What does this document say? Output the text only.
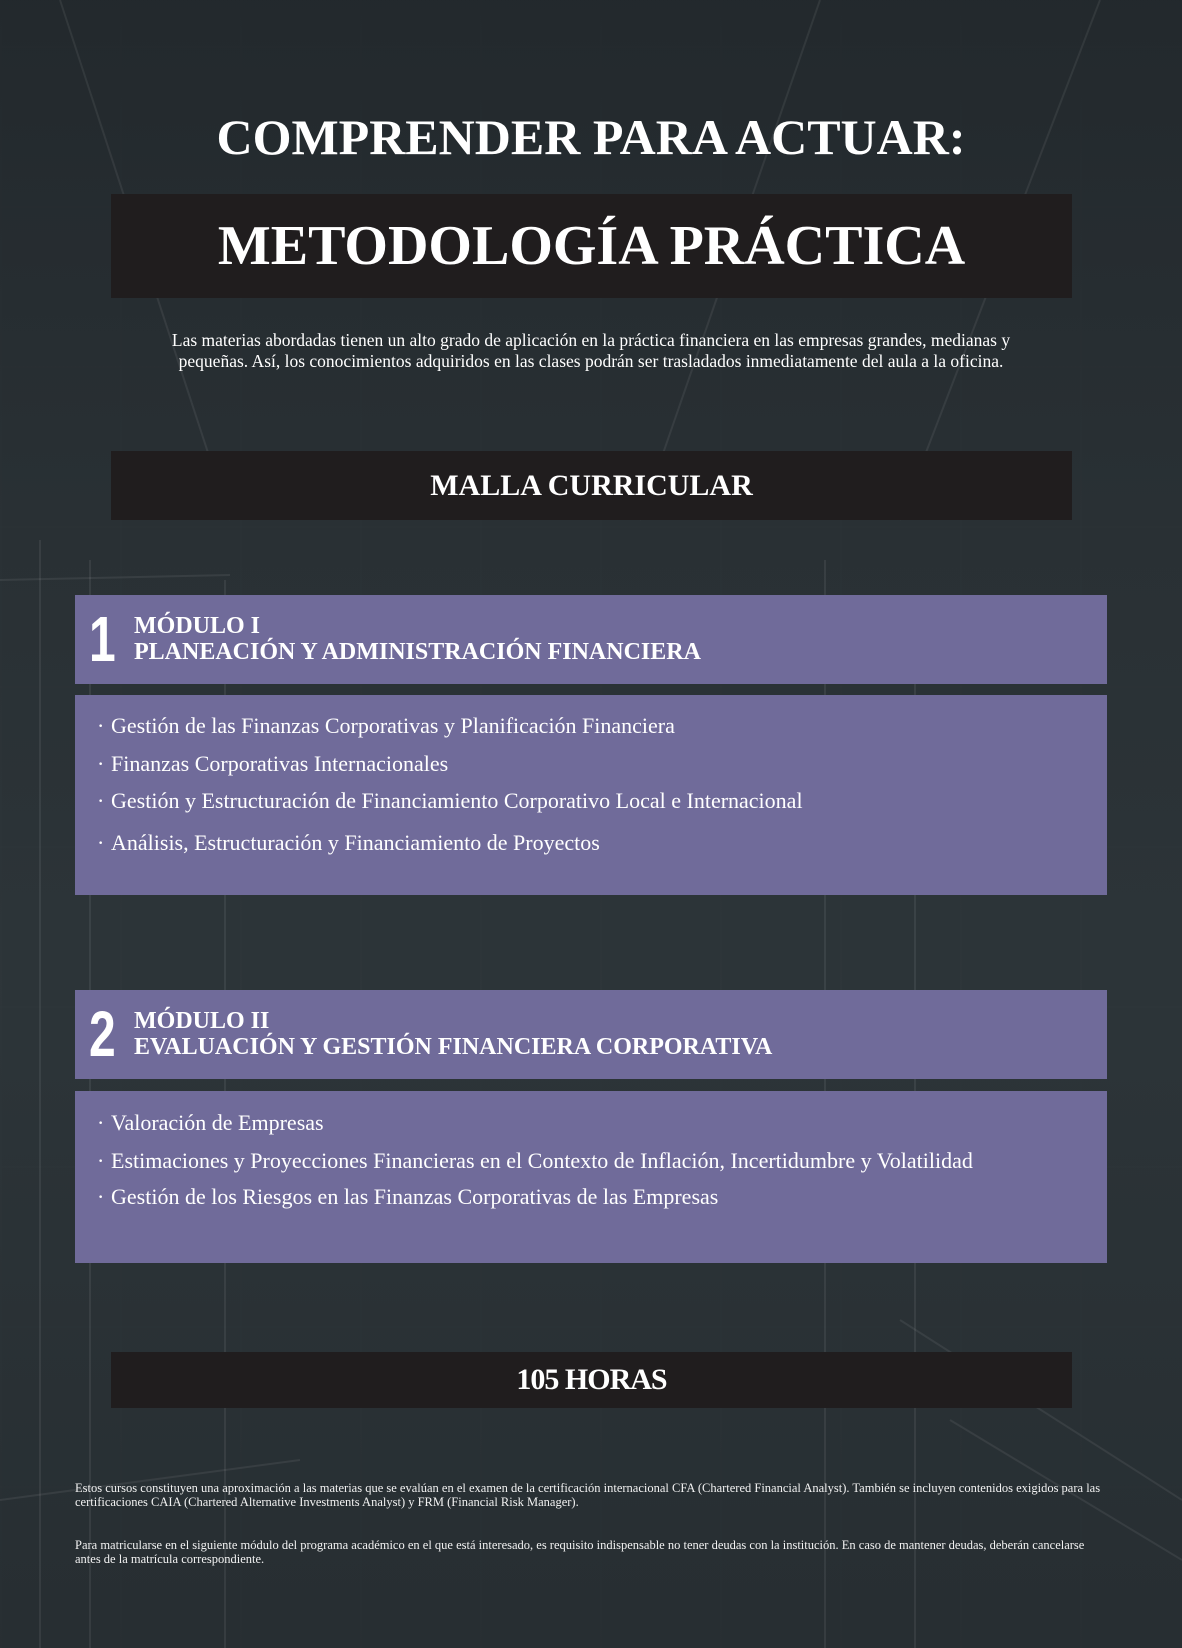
COMPRENDER PARA ACTUAR:
METODOLOGÍA PRÁCTICA
Las materias abordadas tienen un alto grado de aplicación en la práctica financiera en las empresas grandes, medianas y pequeñas. Así, los conocimientos adquiridos en las clases podrán ser trasladados inmediatamente del aula a la oficina.
MALLA CURRICULAR
1 MÓDULO I
PLANEACIÓN Y ADMINISTRACIÓN FINANCIERA
· Gestión de las Finanzas Corporativas y Planificación Financiera
· Finanzas Corporativas Internacionales
· Gestión y Estructuración de Financiamiento Corporativo Local e Internacional
· Análisis, Estructuración y Financiamiento de Proyectos
2 MÓDULO II
EVALUACIÓN Y GESTIÓN FINANCIERA CORPORATIVA
· Valoración de Empresas
· Estimaciones y Proyecciones Financieras en el Contexto de Inflación, Incertidumbre y Volatilidad
· Gestión de los Riesgos en las Finanzas Corporativas de las Empresas
105 HORAS
Estos cursos constituyen una aproximación a las materias que se evalúan en el examen de la certificación internacional CFA (Chartered Financial Analyst). También se incluyen contenidos exigidos para las certificaciones CAIA (Chartered Alternative Investments Analyst) y FRM (Financial Risk Manager).
Para matricularse en el siguiente módulo del programa académico en el que está interesado, es requisito indispensable no tener deudas con la institución. En caso de mantener deudas, deberán cancelarse antes de la matrícula correspondiente.
